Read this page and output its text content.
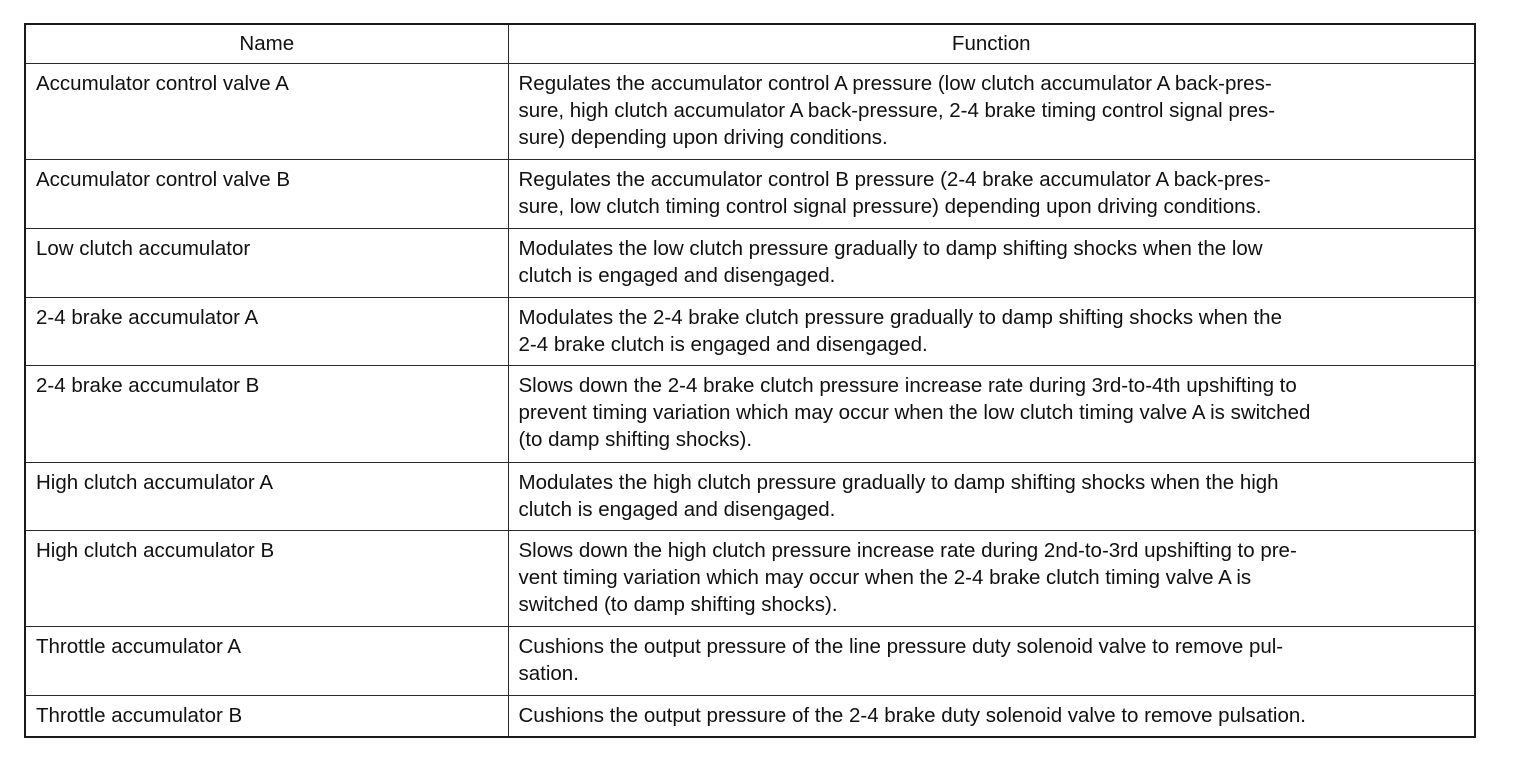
Name	Function
Accumulator control valve A	Regulates the accumulator control A pressure (low clutch accumulator A back-pres-
sure, high clutch accumulator A back-pressure, 2-4 brake timing control signal pres-
sure) depending upon driving conditions.

Accumulator control valve B	Regulates the accumulator control B pressure (2-4 brake accumulator A back-pres-
sure, low clutch timing control signal pressure) depending upon driving conditions.

Low clutch accumulator	Modulates the low clutch pressure gradually to damp shifting shocks when the low
clutch is engaged and disengaged.

2-4 brake accumulator A	Modulates the 2-4 brake clutch pressure gradually to damp shifting shocks when the
2-4 brake clutch is engaged and disengaged.

2-4 brake accumulator B	Slows down the 2-4 brake clutch pressure increase rate during 3rd-to-4th upshifting to
prevent timing variation which may occur when the low clutch timing valve A is switched
(to damp shifting shocks).

High clutch accumulator A	Modulates the high clutch pressure gradually to damp shifting shocks when the high
clutch is engaged and disengaged.

High clutch accumulator B	Slows down the high clutch pressure increase rate during 2nd-to-3rd upshifting to pre-
vent timing variation which may occur when the 2-4 brake clutch timing valve A is
switched (to damp shifting shocks).

Throttle accumulator A	Cushions the output pressure of the line pressure duty solenoid valve to remove pul-
sation.

Throttle accumulator B	Cushions the output pressure of the 2-4 brake duty solenoid valve to remove pulsation.
